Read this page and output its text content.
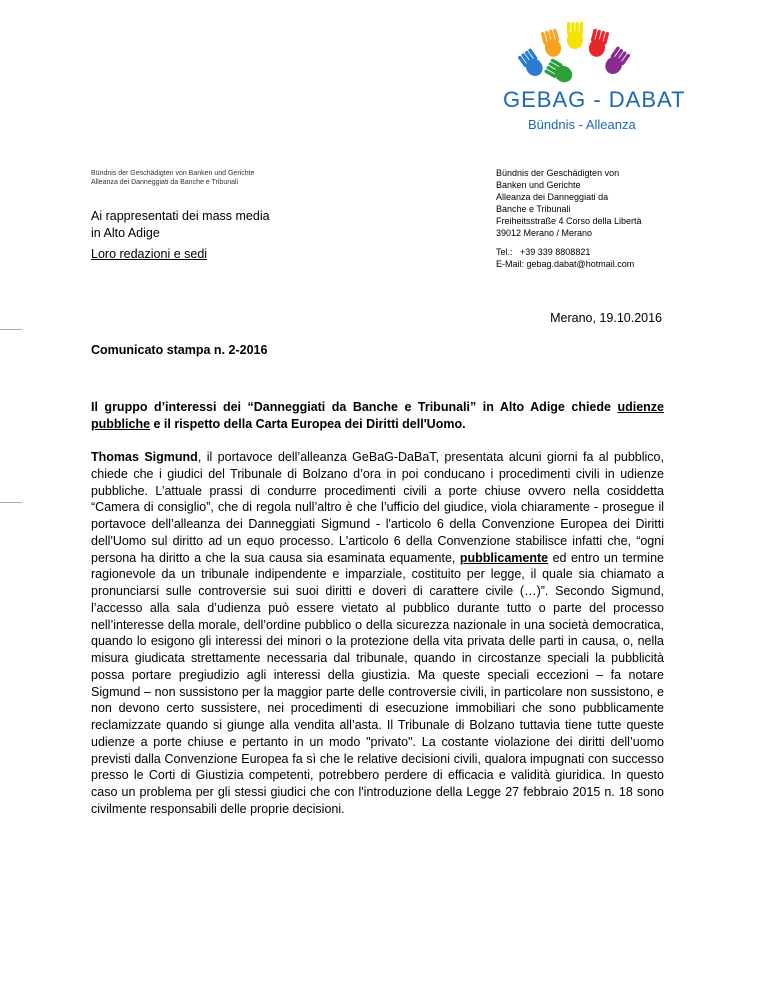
GEBAG - DABAT
Bündnis - Alleanza
Bündnis der Geschädigten von Banken und Gerichte
Alleanza dei Danneggiati da Banche e Tribunali
Ai rappresentati dei mass media
in Alto Adige
Loro redazioni e sedi
Bündnis der Geschädigten von
Banken und Gerichte
Alleanza dei Danneggiati da
Banche e Tribunali
Freiheitsstraße 4 Corso della Libertà
39012 Merano / Merano
Tel.:   +39 339 8808821
E-Mail: gebag.dabat@hotmail.com
Merano, 19.10.2016
Comunicato stampa n. 2-2016
Il gruppo d’interessi dei “Danneggiati da Banche e Tribunali” in Alto Adige chiede udienze pubbliche e il rispetto della Carta Europea dei Diritti dell'Uomo.
Thomas Sigmund, il portavoce dell’alleanza GeBaG-DaBaT, presentata alcuni giorni fa al pubblico, chiede che i giudici del Tribunale di Bolzano d’ora in poi conducano i procedimenti civili in udienze pubbliche. L’attuale prassi di condurre procedimenti civili a porte chiuse ovvero nella cosiddetta “Camera di consiglio”, che di regola null’altro è che l’ufficio del giudice, viola chiaramente - prosegue il portavoce dell’alleanza dei Danneggiati Sigmund - l'articolo 6 della Convenzione Europea dei Diritti dell'Uomo sul diritto ad un equo processo. L'articolo 6 della Convenzione stabilisce infatti che, “ogni persona ha diritto a che la sua causa sia esaminata equamente, pubblicamente ed entro un termine ragionevole da un tribunale indipendente e imparziale, costituito per legge, il quale sia chiamato a pronunciarsi sulle controversie sui suoi diritti e doveri di carattere civile (…)”. Secondo Sigmund, l’accesso alla sala d’udienza può essere vietato al pubblico durante tutto o parte del processo nell’interesse della morale, dell’ordine pubblico o della sicurezza nazionale in una società democratica, quando lo esigono gli interessi dei minori o la protezione della vita privata delle parti in causa, o, nella misura giudicata strettamente necessaria dal tribunale, quando in circostanze speciali la pubblicità possa portare pregiudizio agli interessi della giustizia. Ma queste speciali eccezioni – fa notare Sigmund – non sussistono per la maggior parte delle controversie civili, in particolare non sussistono, e non devono certo sussistere, nei procedimenti di esecuzione immobiliari che sono pubblicamente reclamizzate quando si giunge alla vendita all’asta. Il Tribunale di Bolzano tuttavia tiene tutte queste udienze a porte chiuse e pertanto in un modo "privato". La costante violazione dei diritti dell’uomo previsti dalla Convenzione Europea fa sì che le relative decisioni civili, qualora impugnati con successo presso le Corti di Giustizia competenti, potrebbero perdere di efficacia e validità giuridica. In questo caso un problema per gli stessi giudici che con l'introduzione della Legge 27 febbraio 2015 n. 18 sono civilmente responsabili delle proprie decisioni.
